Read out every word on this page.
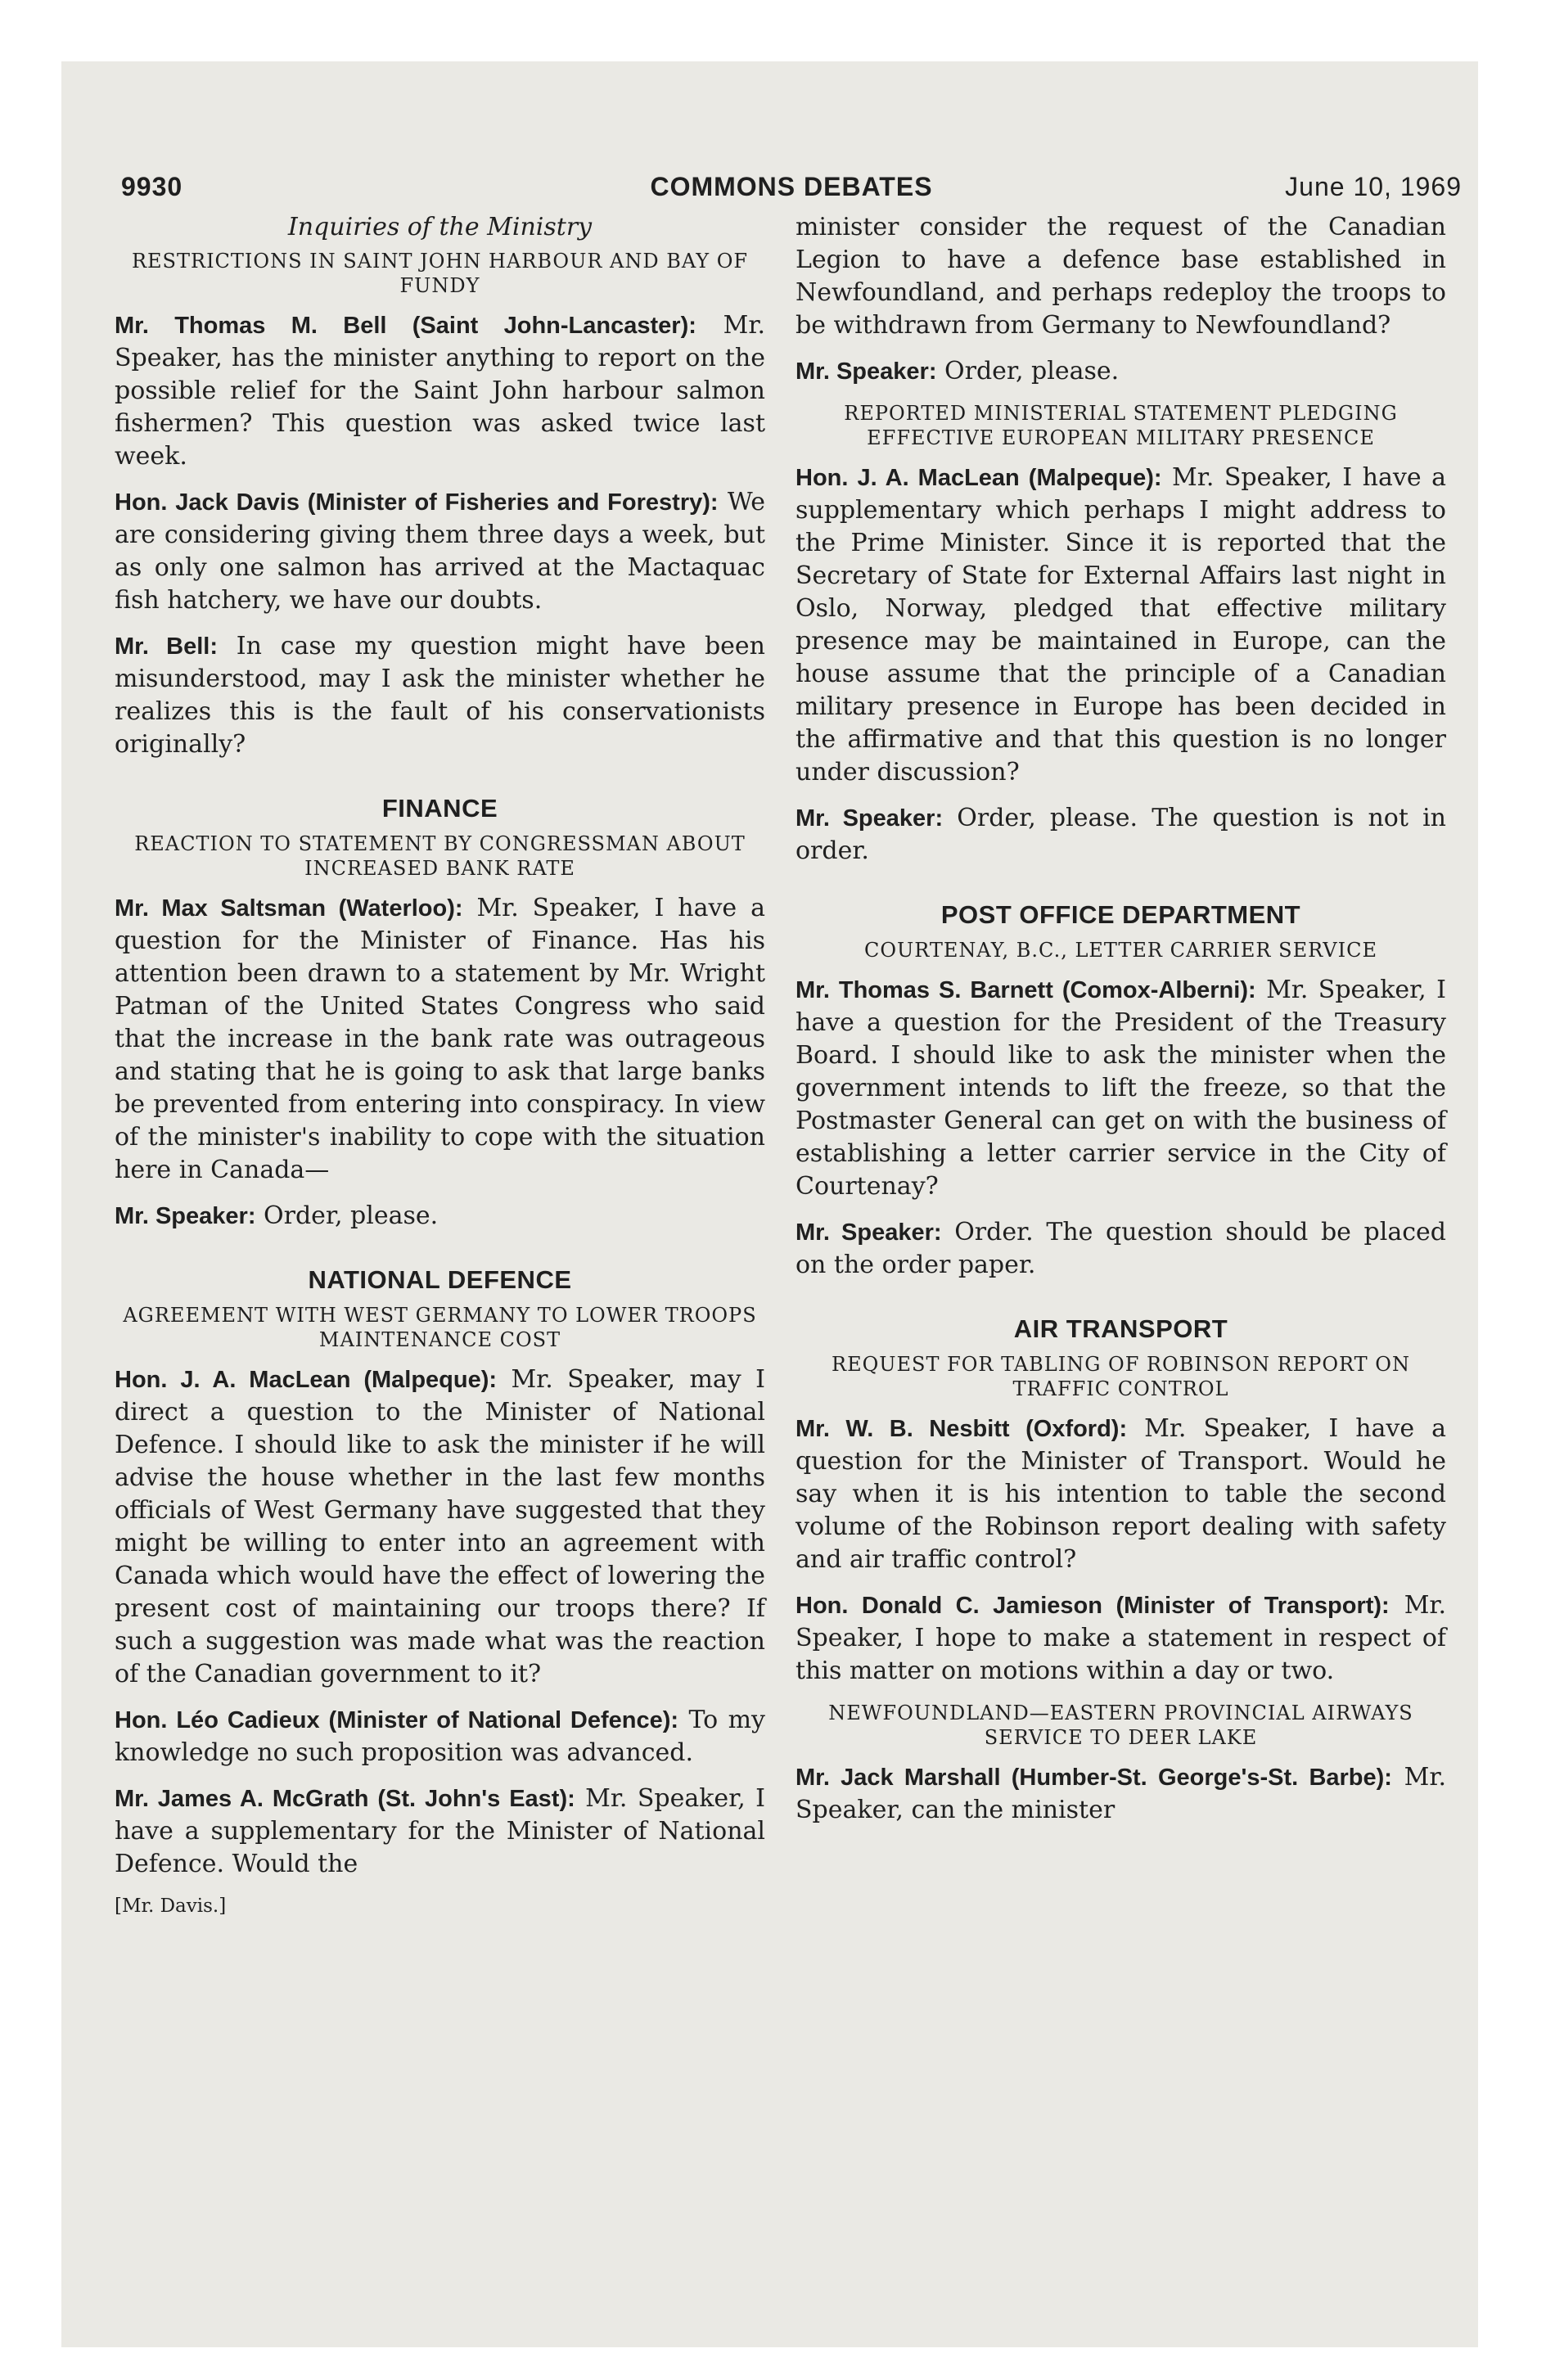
9930	COMMONS DEBATES	June 10, 1969
Inquiries of the Ministry
RESTRICTIONS IN SAINT JOHN HARBOUR AND BAY OF FUNDY

Mr. Thomas M. Bell (Saint John-Lancaster): Mr. Speaker, has the minister anything to report on the possible relief for the Saint John harbour salmon fishermen? This question was asked twice last week.

Hon. Jack Davis (Minister of Fisheries and Forestry): We are considering giving them three days a week, but as only one salmon has arrived at the Mactaquac fish hatchery, we have our doubts.

Mr. Bell: In case my question might have been misunderstood, may I ask the minister whether he realizes this is the fault of his conservationists originally?

FINANCE
REACTION TO STATEMENT BY CONGRESSMAN ABOUT INCREASED BANK RATE

Mr. Max Saltsman (Waterloo): Mr. Speaker, I have a question for the Minister of Finance. Has his attention been drawn to a statement by Mr. Wright Patman of the United States Congress who said that the increase in the bank rate was outrageous and stating that he is going to ask that large banks be prevented from entering into conspiracy. In view of the minister's inability to cope with the situation here in Canada—

Mr. Speaker: Order, please.

NATIONAL DEFENCE
AGREEMENT WITH WEST GERMANY TO LOWER TROOPS MAINTENANCE COST

Hon. J. A. MacLean (Malpeque): Mr. Speaker, may I direct a question to the Minister of National Defence. I should like to ask the minister if he will advise the house whether in the last few months officials of West Germany have suggested that they might be willing to enter into an agreement with Canada which would have the effect of lowering the present cost of maintaining our troops there? If such a suggestion was made what was the reaction of the Canadian government to it?

Hon. Léo Cadieux (Minister of National Defence): To my knowledge no such proposition was advanced.

Mr. James A. McGrath (St. John's East): Mr. Speaker, I have a supplementary for the Minister of National Defence. Would the

[Mr. Davis.]

minister consider the request of the Canadian Legion to have a defence base established in Newfoundland, and perhaps redeploy the troops to be withdrawn from Germany to Newfoundland?

Mr. Speaker: Order, please.

REPORTED MINISTERIAL STATEMENT PLEDGING EFFECTIVE EUROPEAN MILITARY PRESENCE

Hon. J. A. MacLean (Malpeque): Mr. Speaker, I have a supplementary which perhaps I might address to the Prime Minister. Since it is reported that the Secretary of State for External Affairs last night in Oslo, Norway, pledged that effective military presence may be maintained in Europe, can the house assume that the principle of a Canadian military presence in Europe has been decided in the affirmative and that this question is no longer under discussion?

Mr. Speaker: Order, please. The question is not in order.

POST OFFICE DEPARTMENT
COURTENAY, B.C., LETTER CARRIER SERVICE

Mr. Thomas S. Barnett (Comox-Alberni): Mr. Speaker, I have a question for the President of the Treasury Board. I should like to ask the minister when the government intends to lift the freeze, so that the Postmaster General can get on with the business of establishing a letter carrier service in the City of Courtenay?

Mr. Speaker: Order. The question should be placed on the order paper.

AIR TRANSPORT
REQUEST FOR TABLING OF ROBINSON REPORT ON TRAFFIC CONTROL

Mr. W. B. Nesbitt (Oxford): Mr. Speaker, I have a question for the Minister of Transport. Would he say when it is his intention to table the second volume of the Robinson report dealing with safety and air traffic control?

Hon. Donald C. Jamieson (Minister of Transport): Mr. Speaker, I hope to make a statement in respect of this matter on motions within a day or two.

NEWFOUNDLAND—EASTERN PROVINCIAL AIRWAYS SERVICE TO DEER LAKE

Mr. Jack Marshall (Humber-St. George's-St. Barbe): Mr. Speaker, can the minister
